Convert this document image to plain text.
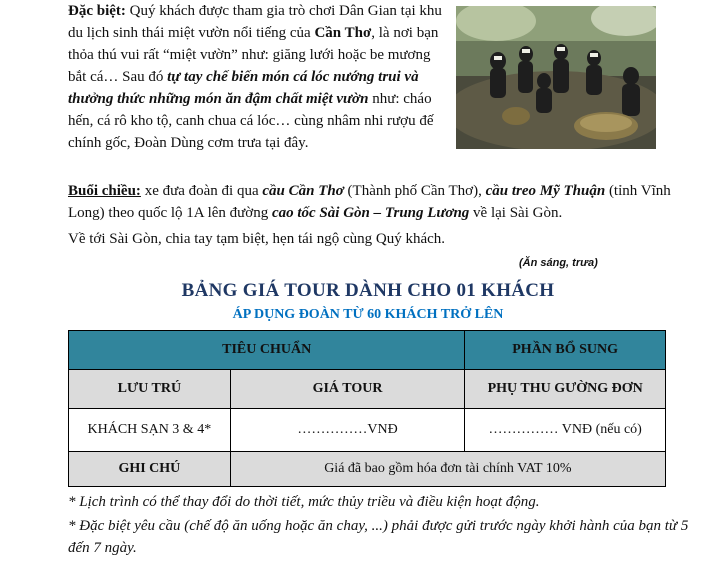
Đặc biệt: Quý khách được tham gia trò chơi Dân Gian tại khu du lịch sinh thái miệt vườn nổi tiếng của Cần Thơ, là nơi bạn thỏa thú vui rất “miệt vườn” như: giăng lưới hoặc be mương bắt cá… Sau đó tự tay chế biến món cá lóc nướng trui và thưởng thức những món ăn đậm chất miệt vườn như: cháo hến, cá rô kho tộ, canh chua cá lóc… cùng nhâm nhi rượu đế chính gốc, Đoàn Dùng cơm trưa tại đây.
Buổi chiều: xe đưa đoàn đi qua cầu Cần Thơ (Thành phố Cần Thơ), cầu treo Mỹ Thuận (tỉnh Vĩnh Long) theo quốc lộ 1A lên đường cao tốc Sài Gòn – Trung Lương về lại Sài Gòn.
Về tới Sài Gòn, chia tay tạm biệt, hẹn tái ngộ cùng Quý khách.
(Ăn sáng, trưa)
BẢNG GIÁ TOUR DÀNH CHO 01 KHÁCH
ÁP DỤNG ĐOÀN TỪ 60 KHÁCH TRỞ LÊN
TIÊU CHUẨN		PHẦN BỔ SUNG
LƯU TRÚ	GIÁ TOUR	PHỤ THU GƯỜNG ĐƠN
KHÁCH SẠN 3 & 4*	……………VNĐ	…………… VNĐ (nếu có)
GHI CHÚ	Giá đã bao gồm hóa đơn tài chính VAT 10%	
* Lịch trình có thể thay đổi do thời tiết, mức thủy triều và điều kiện hoạt động.
* Đặc biệt yêu cầu (chế độ ăn uống hoặc ăn chay, ...) phải được gửi trước ngày khởi hành của bạn từ 5 đến 7 ngày.
